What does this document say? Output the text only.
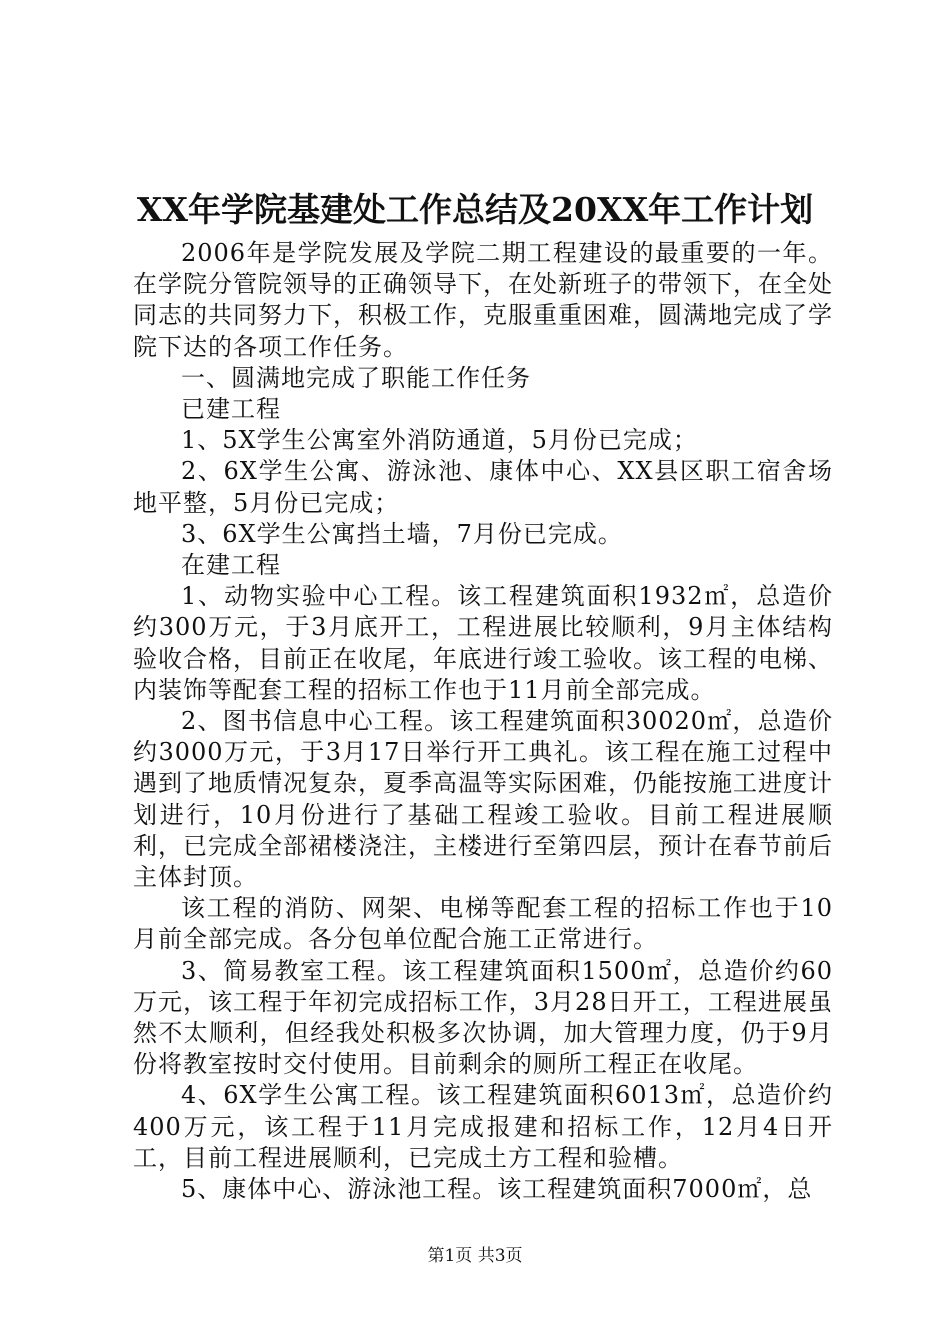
XX年学院基建处工作总结及20XX年工作计划

2006年是学院发展及学院二期工程建设的最重要的一年。在学院分管院领导的正确领导下，在处新班子的带领下，在全处同志的共同努力下，积极工作，克服重重困难，圆满地完成了学院下达的各项工作任务。

一、圆满地完成了职能工作任务

已建工程

1、5X学生公寓室外消防通道，5月份已完成；

2、6X学生公寓、游泳池、康体中心、XX县区职工宿舍场地平整，5月份已完成；

3、6X学生公寓挡土墙，7月份已完成。

在建工程

1、动物实验中心工程。该工程建筑面积1932㎡，总造价约300万元，于3月底开工，工程进展比较顺利，9月主体结构验收合格，目前正在收尾，年底进行竣工验收。该工程的电梯、内装饰等配套工程的招标工作也于11月前全部完成。

2、图书信息中心工程。该工程建筑面积30020㎡，总造价约3000万元，于3月17日举行开工典礼。该工程在施工过程中遇到了地质情况复杂，夏季高温等实际困难，仍能按施工进度计划进行，10月份进行了基础工程竣工验收。目前工程进展顺利，已完成全部裙楼浇注，主楼进行至第四层，预计在春节前后主体封顶。

该工程的消防、网架、电梯等配套工程的招标工作也于10月前全部完成。各分包单位配合施工正常进行。

3、简易教室工程。该工程建筑面积1500㎡，总造价约60万元，该工程于年初完成招标工作，3月28日开工，工程进展虽然不太顺利，但经我处积极多次协调，加大管理力度，仍于9月份将教室按时交付使用。目前剩余的厕所工程正在收尾。

4、6X学生公寓工程。该工程建筑面积6013㎡，总造价约400万元，该工程于11月完成报建和招标工作，12月4日开工，目前工程进展顺利，已完成土方工程和验槽。

5、康体中心、游泳池工程。该工程建筑面积7000㎡，总

第1页 共3页
